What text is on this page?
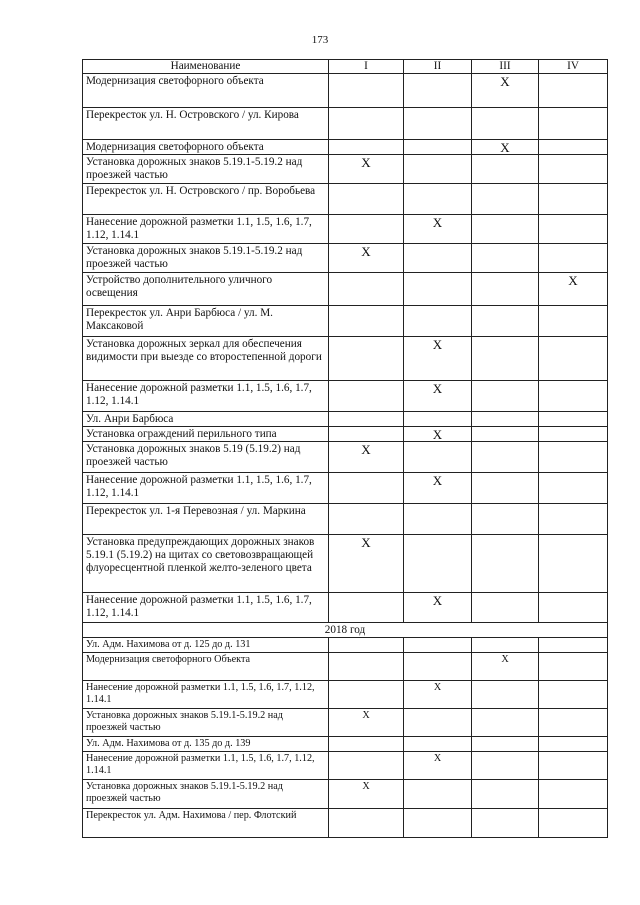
173
Наименование	I	II	III	IV
Модернизация светофорного объекта			X	
Перекресток ул. Н. Островского / ул. Кирова				
Модернизация светофорного объекта			X	
Установка дорожных знаков 5.19.1-5.19.2 над проезжей частью	X			
Перекресток ул. Н. Островского / пр. Воробьева				
Нанесение дорожной разметки 1.1, 1.5, 1.6, 1.7, 1.12, 1.14.1		X		
Установка дорожных знаков 5.19.1-5.19.2 над проезжей частью	X			
Устройство дополнительного уличного освещения				X
Перекресток ул. Анри Барбюса / ул. М. Максаковой				
Установка дорожных зеркал для обеспечения видимости при выезде со второстепенной дороги		X		
Нанесение дорожной разметки 1.1, 1.5, 1.6, 1.7, 1.12, 1.14.1		X		
Ул. Анри Барбюса				
Установка ограждений перильного типа		X		
Установка дорожных знаков 5.19 (5.19.2) над проезжей частью	X			
Нанесение дорожной разметки 1.1, 1.5, 1.6, 1.7, 1.12, 1.14.1		X		
Перекресток ул. 1-я Перевозная / ул. Маркина				
Установка предупреждающих дорожных знаков 5.19.1 (5.19.2) на щитах со световозвращающей флуоресцентной пленкой желто-зеленого цвета	X			
Нанесение дорожной разметки 1.1, 1.5, 1.6, 1.7, 1.12, 1.14.1		X		
2018 год				
Ул. Адм. Нахимова от д. 125 до д. 131				
Модернизация светофорного Объекта			X	
Нанесение дорожной разметки 1.1, 1.5, 1.6, 1.7, 1.12, 1.14.1		X		
Установка дорожных знаков 5.19.1-5.19.2 над проезжей частью	X			
Ул. Адм. Нахимова от д. 135 до д. 139				
Нанесение дорожной разметки 1.1, 1.5, 1.6, 1.7, 1.12, 1.14.1		X		
Установка дорожных знаков 5.19.1-5.19.2 над проезжей частью	X			
Перекресток ул. Адм. Нахимова / пер. Флотский				
